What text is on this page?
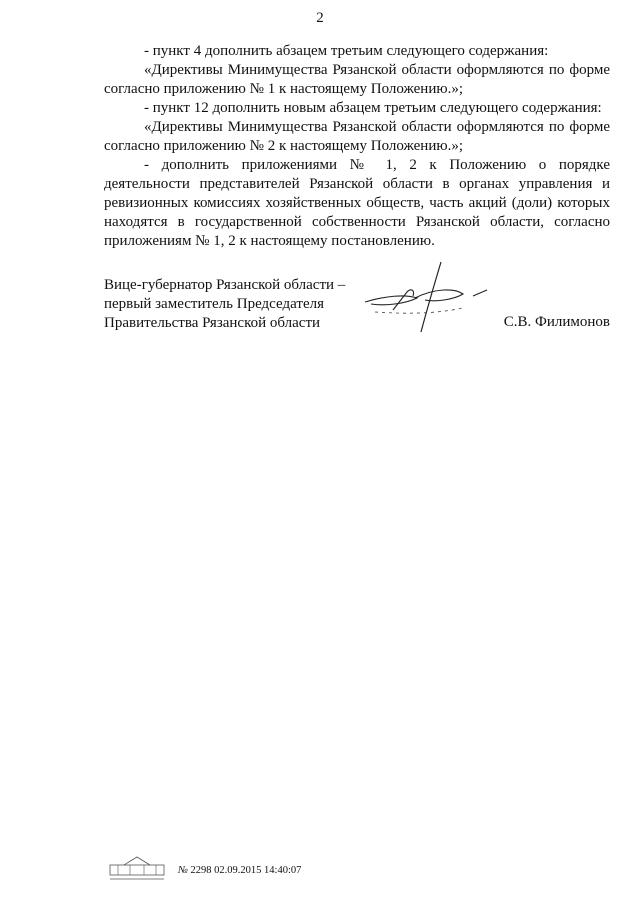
2

- пункт 4 дополнить абзацем третьим следующего содержания:

«Директивы Минимущества Рязанской области оформляются по форме согласно приложению № 1 к настоящему Положению.»;

- пункт 12 дополнить новым абзацем третьим следующего содержания:

«Директивы Минимущества Рязанской области оформляются по форме согласно приложению № 2 к настоящему Положению.»;

- дополнить приложениями № 1, 2 к Положению о порядке деятельности представителей Рязанской области в органах управления и ревизионных комиссиях хозяйственных обществ, часть акций (доли) которых находятся в государственной собственности Рязанской области, согласно приложениям № 1, 2 к настоящему постановлению.

Вице-губернатор Рязанской области –
первый заместитель Председателя
Правительства Рязанской области	С.В. Филимонов
№ 2298 02.09.2015 14:40:07
